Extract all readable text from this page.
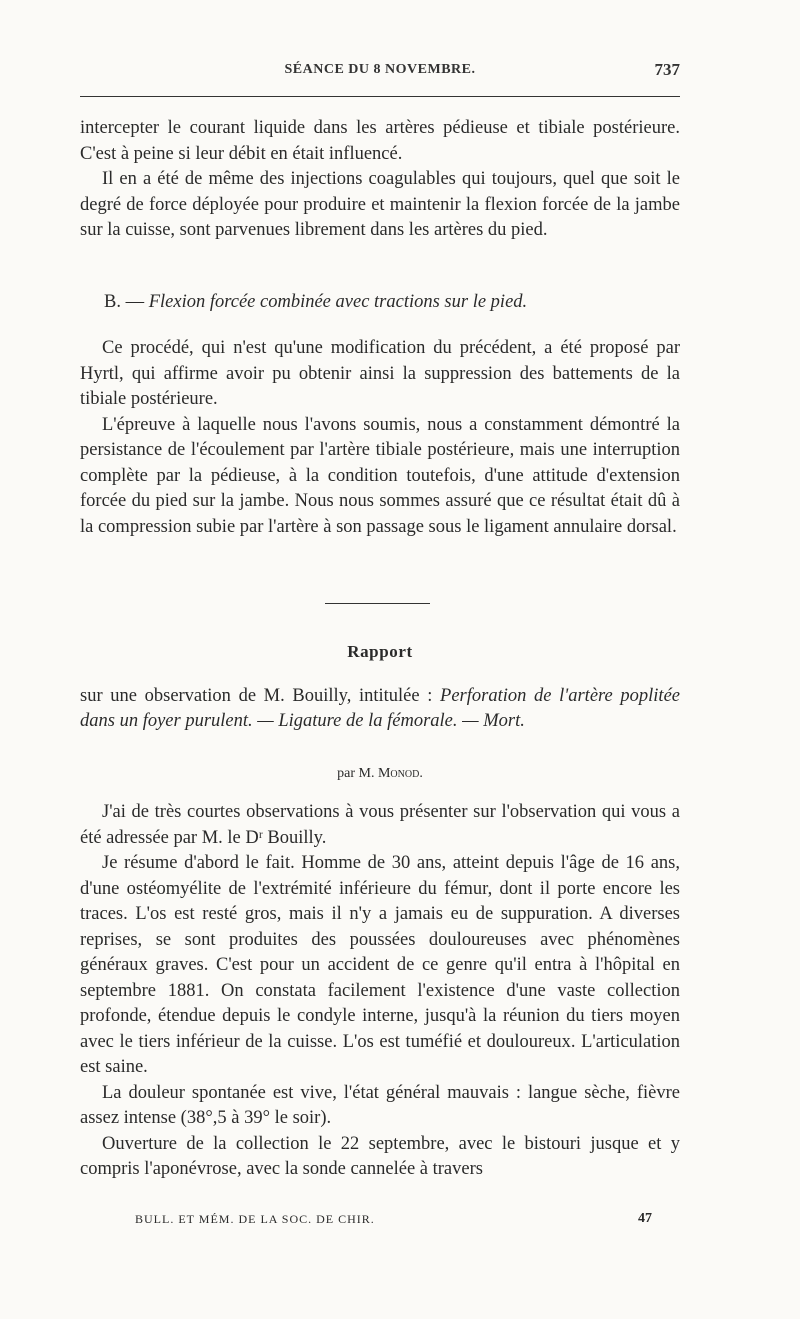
SÉANCE DU 8 NOVEMBRE.	737

intercepter le courant liquide dans les artères pédieuse et tibiale postérieure. C'est à peine si leur débit en était influencé.

Il en a été de même des injections coagulables qui toujours, quel que soit le degré de force déployée pour produire et maintenir la flexion forcée de la jambe sur la cuisse, sont parvenues librement dans les artères du pied.

B. — Flexion forcée combinée avec tractions sur le pied.

Ce procédé, qui n'est qu'une modification du précédent, a été proposé par Hyrtl, qui affirme avoir pu obtenir ainsi la suppression des battements de la tibiale postérieure.

L'épreuve à laquelle nous l'avons soumis, nous a constamment démontré la persistance de l'écoulement par l'artère tibiale postérieure, mais une interruption complète par la pédieuse, à la condition toutefois, d'une attitude d'extension forcée du pied sur la jambe. Nous nous sommes assuré que ce résultat était dû à la compression subie par l'artère à son passage sous le ligament annulaire dorsal.

Rapport

sur une observation de M. Bouilly, intitulée : Perforation de l'artère poplitée dans un foyer purulent. — Ligature de la fémorale. — Mort.

par M. Monod.

J'ai de très courtes observations à vous présenter sur l'observation qui vous a été adressée par M. le Dʳ Bouilly.

Je résume d'abord le fait. Homme de 30 ans, atteint depuis l'âge de 16 ans, d'une ostéomyélite de l'extrémité inférieure du fémur, dont il porte encore les traces. L'os est resté gros, mais il n'y a jamais eu de suppuration. A diverses reprises, se sont produites des poussées douloureuses avec phénomènes généraux graves. C'est pour un accident de ce genre qu'il entra à l'hôpital en septembre 1881. On constata facilement l'existence d'une vaste collection profonde, étendue depuis le condyle interne, jusqu'à la réunion du tiers moyen avec le tiers inférieur de la cuisse. L'os est tuméfié et douloureux. L'articulation est saine.

La douleur spontanée est vive, l'état général mauvais : langue sèche, fièvre assez intense (38°,5 à 39° le soir).

Ouverture de la collection le 22 septembre, avec le bistouri jusque et y compris l'aponévrose, avec la sonde cannelée à travers

BULL. ET MÉM. DE LA SOC. DE CHIR.	47
